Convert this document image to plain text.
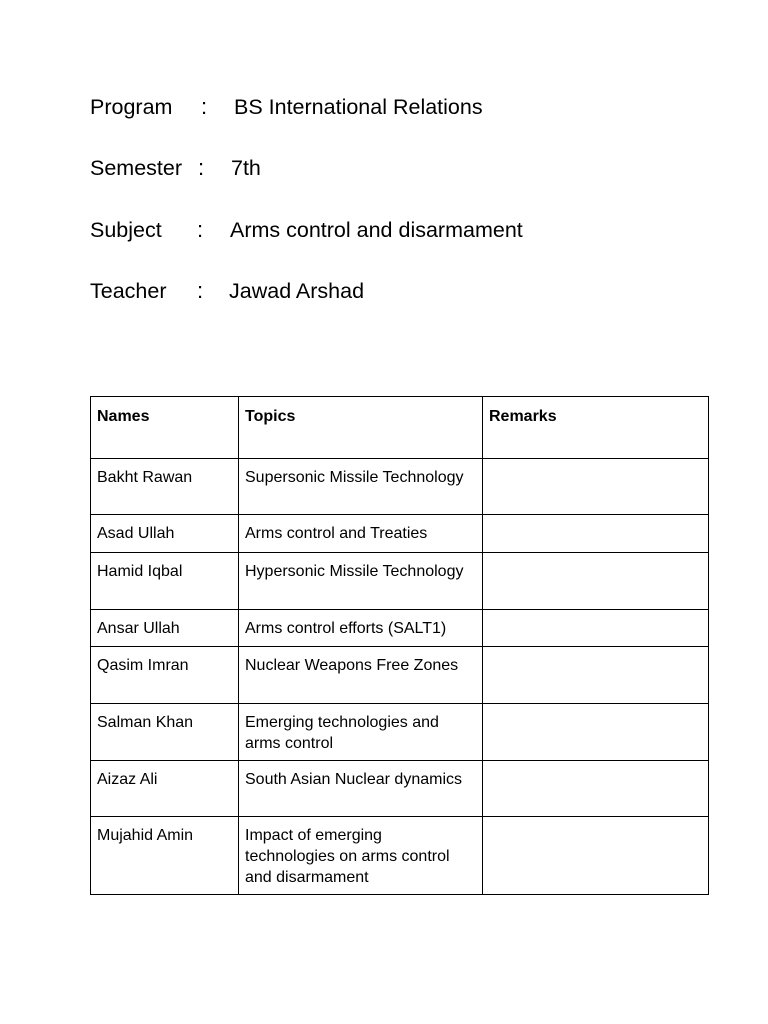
Program : BS International Relations
Semester : 7th
Subject : Arms control and disarmament
Teacher : Jawad Arshad
Names	Topics	Remarks
Bakht Rawan	Supersonic Missile Technology	
Asad Ullah	Arms control and Treaties	
Hamid Iqbal	Hypersonic Missile Technology	
Ansar Ullah	Arms control efforts (SALT1)	
Qasim Imran	Nuclear Weapons Free Zones	
Salman Khan	Emerging technologies and arms control	
Aizaz Ali	South Asian Nuclear dynamics	
Mujahid Amin	Impact of emerging technologies on arms control and disarmament	
